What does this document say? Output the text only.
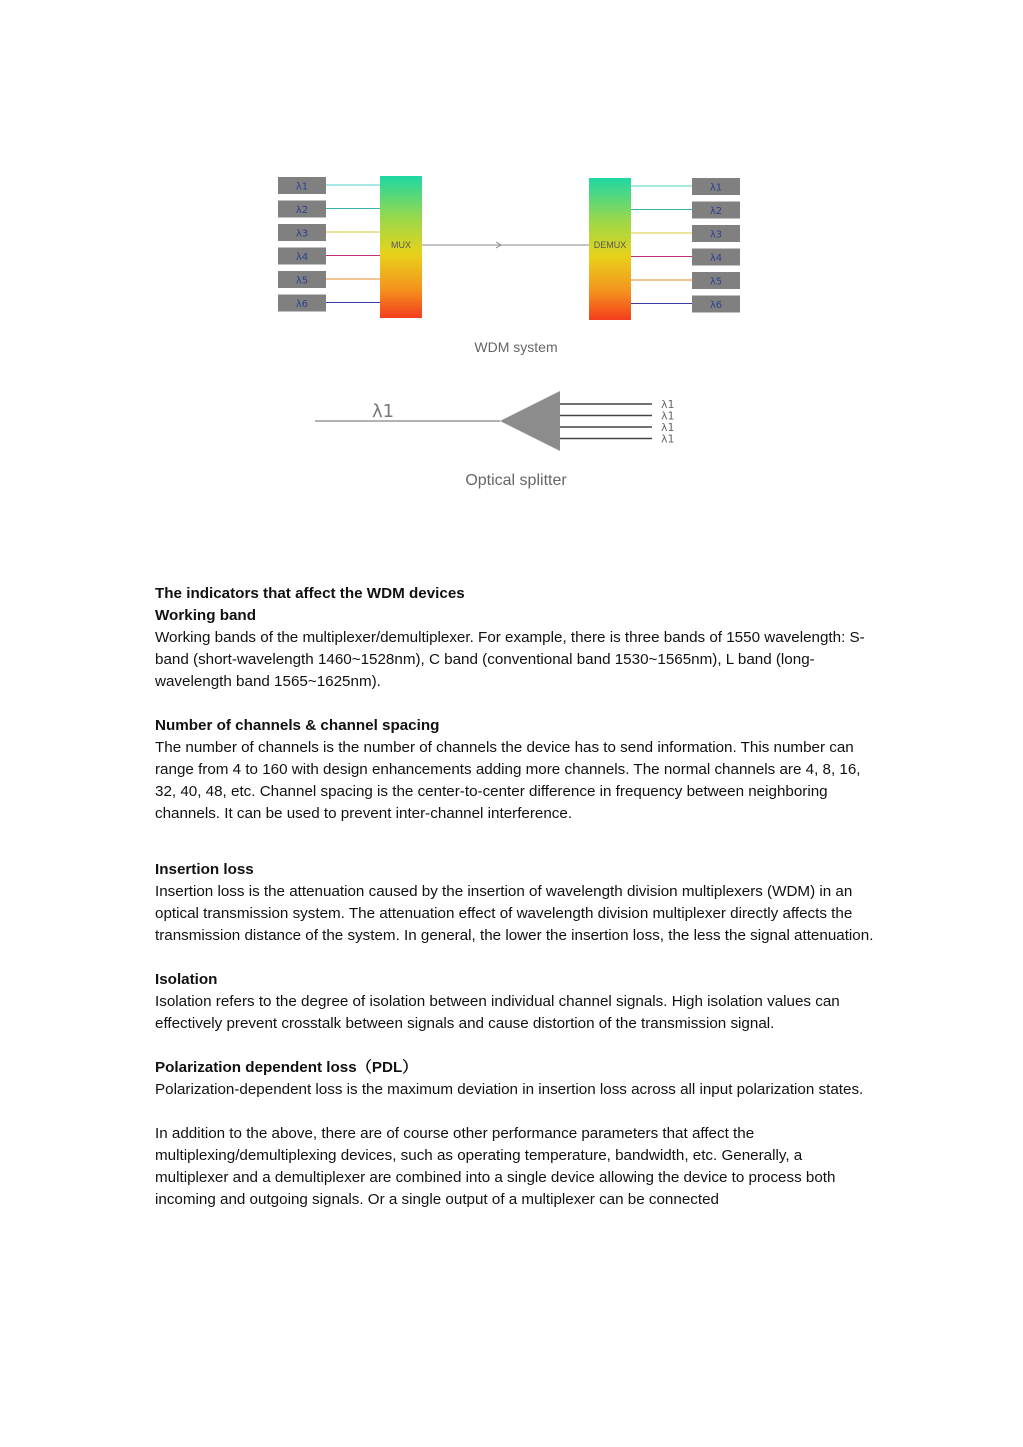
λ1
λ2
λ3
λ4
λ5
λ6
λ1
λ2
λ3
λ4
λ5
λ6
MUX	DEMUX
WDM system
λ1	λ1
λ1
λ1
λ1
Optical splitter

The indicators that affect the WDM devices

Working band

Working bands of the multiplexer/demultiplexer. For example, there is three bands of 1550 wavelength: S-band (short-wavelength 1460~1528nm), C band (conventional band 1530~1565nm), L band (long-wavelength band 1565~1625nm).

Number of channels & channel spacing

The number of channels is the number of channels the device has to send information. This number can range from 4 to 160 with design enhancements adding more channels. The normal channels are 4, 8, 16, 32, 40, 48, etc. Channel spacing is the center-to-center difference in frequency between neighboring channels. It can be used to prevent inter-channel interference.

Insertion loss

Insertion loss is the attenuation caused by the insertion of wavelength division multiplexers (WDM) in an optical transmission system. The attenuation effect of wavelength division multiplexer directly affects the transmission distance of the system. In general, the lower the insertion loss, the less the signal attenuation.

Isolation

Isolation refers to the degree of isolation between individual channel signals. High isolation values can effectively prevent crosstalk between signals and cause distortion of the transmission signal.

Polarization dependent loss（PDL）

Polarization-dependent loss is the maximum deviation in insertion loss across all input polarization states.

In addition to the above, there are of course other performance parameters that affect the multiplexing/demultiplexing devices, such as operating temperature, bandwidth, etc. Generally, a multiplexer and a demultiplexer are combined into a single device allowing the device to process both incoming and outgoing signals. Or a single output of a multiplexer can be connected
